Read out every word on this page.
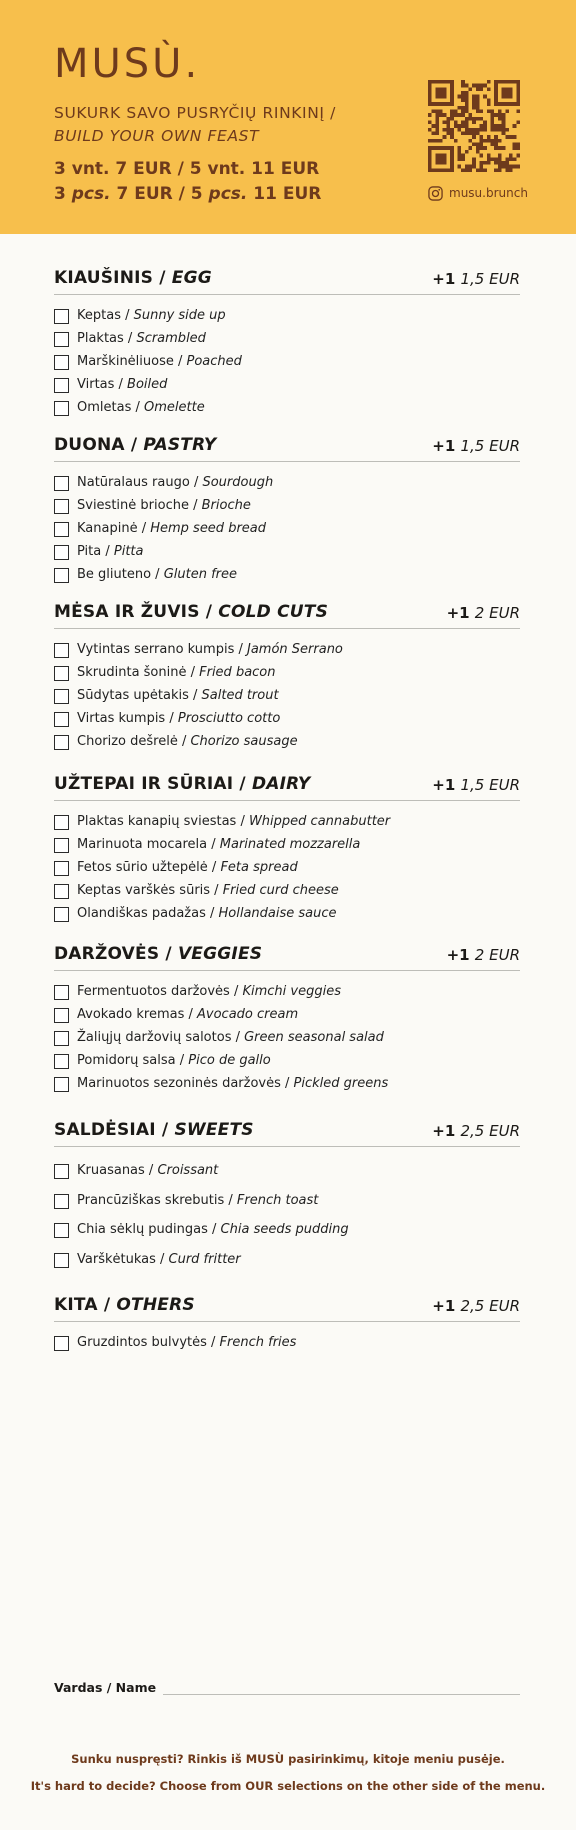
MUSÙ.
SUKURK SAVO PUSRYČIŲ RINKINĮ /
BUILD YOUR OWN FEAST
3 vnt. 7 EUR / 5 vnt. 11 EUR
3 pcs. 7 EUR / 5 pcs. 11 EUR	musu.brunch
KIAUŠINIS / EGG	+1 1,5 EUR
Keptas / Sunny side up
Plaktas / Scrambled
Marškinėliuose / Poached
Virtas / Boiled
Omletas / Omelette
DUONA / PASTRY	+1 1,5 EUR
Natūralaus raugo / Sourdough
Sviestinė brioche / Brioche
Kanapinė / Hemp seed bread
Pita / Pitta
Be gliuteno / Gluten free
MĖSA IR ŽUVIS / COLD CUTS	+1 2 EUR
Vytintas serrano kumpis / Jamón Serrano
Skrudinta šoninė / Fried bacon
Sūdytas upėtakis / Salted trout
Virtas kumpis / Prosciutto cotto
Chorizo dešrelė / Chorizo sausage
UŽTEPAI IR SŪRIAI / DAIRY	+1 1,5 EUR
Plaktas kanapių sviestas / Whipped cannabutter
Marinuota mocarela / Marinated mozzarella
Fetos sūrio užtepėlė / Feta spread
Keptas varškės sūris / Fried curd cheese
Olandiškas padažas / Hollandaise sauce
DARŽOVĖS / VEGGIES	+1 2 EUR
Fermentuotos daržovės / Kimchi veggies
Avokado kremas / Avocado cream
Žaliųjų daržovių salotos / Green seasonal salad
Pomidorų salsa / Pico de gallo
Marinuotos sezoninės daržovės / Pickled greens
SALDĖSIAI / SWEETS	+1 2,5 EUR
Kruasanas / Croissant
Prancūziškas skrebutis / French toast
Chia sėklų pudingas / Chia seeds pudding
Varškėtukas / Curd fritter
KITA / OTHERS	+1 2,5 EUR
Gruzdintos bulvytės / French fries
Vardas / Name
Sunku nuspręsti? Rinkis iš MUSÙ pasirinkimų, kitoje meniu pusėje.
It's hard to decide? Choose from OUR selections on the other side of the menu.
